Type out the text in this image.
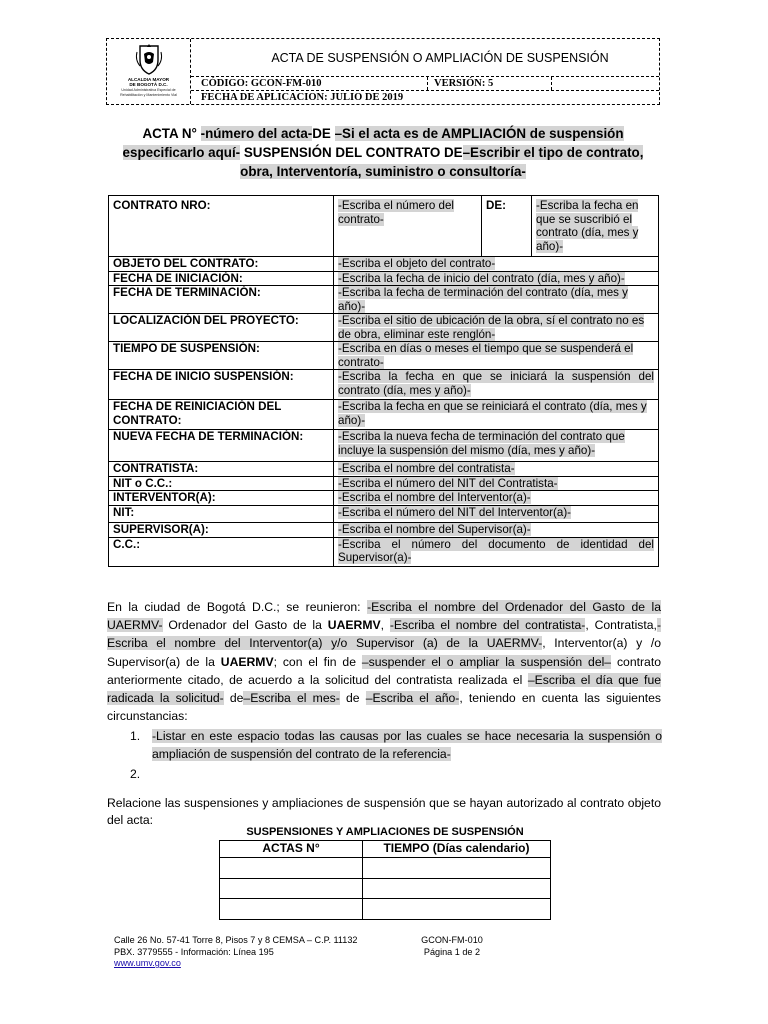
ALCALDIA MAYOR
DE BOGOTÁ D.C.
Unidad Administrativa Especial de
Rehabilitación y Mantenimiento Vial
ACTA DE SUSPENSIÓN O AMPLIACIÓN DE SUSPENSIÓN
CÓDIGO: GCON-FM-010	VERSIÓN: 5
FECHA DE APLICACION: JULIO DE 2019
ACTA N° -número del acta-DE –Si el acta es de AMPLIACIÓN de suspensión especificarlo aquí- SUSPENSIÓN DEL CONTRATO DE–Escribir el tipo de contrato, obra, Interventoría, suministro o consultoría-
CONTRATO NRO:	-Escriba el número del contrato-	DE:	-Escriba la fecha en que se suscribió el contrato (día, mes y año)-
OBJETO DEL CONTRATO:	-Escriba el objeto del contrato-		
FECHA DE INICIACIÓN:	-Escriba la fecha de inicio del contrato (día, mes y año)-		
FECHA DE TERMINACIÓN:	-Escriba la fecha de terminación del contrato (día, mes y año)-		
LOCALIZACIÓN DEL PROYECTO:	-Escriba el sitio de ubicación de la obra, sí el contrato no es de obra, eliminar este renglón-		
TIEMPO DE SUSPENSIÓN:	-Escriba en días o meses el tiempo que se suspenderá el contrato-		
FECHA DE INICIO SUSPENSIÓN:	-Escriba la fecha en que se iniciará la suspensión del contrato (día, mes y año)-		
FECHA DE REINICIACIÓN DEL CONTRATO:	-Escriba la fecha en que se reiniciará el contrato (día, mes y año)-		
NUEVA FECHA DE TERMINACIÓN:	-Escriba la nueva fecha de terminación del contrato que incluye la suspensión del mismo (día, mes y año)-		
CONTRATISTA:	-Escriba el nombre del contratista-		
NIT o C.C.:	-Escriba el número del NIT del Contratista-		
INTERVENTOR(A):	-Escriba el nombre del Interventor(a)-		
NIT:	-Escriba el número del NIT del Interventor(a)-		
SUPERVISOR(A):	-Escriba el nombre del Supervisor(a)-		
C.C.:	-Escriba el número del documento de identidad del Supervisor(a)-		
En la ciudad de Bogotá D.C.; se reunieron: -Escriba el nombre del Ordenador del Gasto de la UAERMV- Ordenador del Gasto de la UAERMV, -Escriba el nombre del contratista-, Contratista,-Escriba el nombre del Interventor(a) y/o Supervisor (a) de la UAERMV-, Interventor(a) y /o Supervisor(a) de la UAERMV; con el fin de –suspender el o ampliar la suspensión del– contrato anteriormente citado, de acuerdo a la solicitud del contratista realizada el –Escriba el día que fue radicada la solicitud- de–Escriba el mes- de –Escriba el año-, teniendo en cuenta las siguientes circunstancias:
1. -Listar en este espacio todas las causas por las cuales se hace necesaria la suspensión o ampliación de suspensión del contrato de la referencia-
2.
Relacione las suspensiones y ampliaciones de suspensión que se hayan autorizado al contrato objeto del acta:
SUSPENSIONES Y AMPLIACIONES DE SUSPENSIÓN
ACTAS N°	TIEMPO (Días calendario)

Calle 26 No. 57-41 Torre 8, Pisos 7 y 8 CEMSA – C.P. 11132
PBX. 3779555 - Información: Línea 195
www.umv.gov.co
GCON-FM-010
Página 1 de 2
